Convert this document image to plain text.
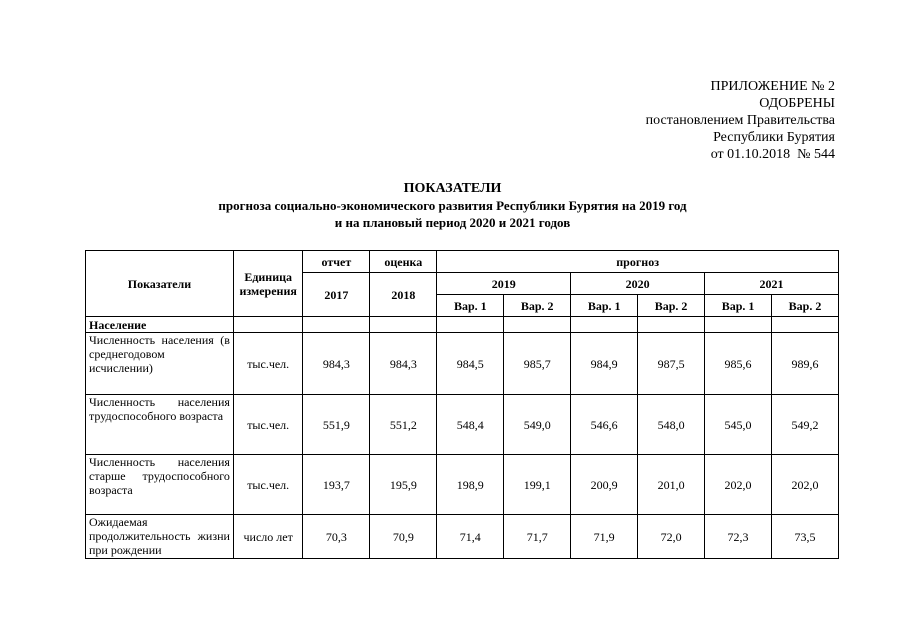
ПРИЛОЖЕНИЕ № 2
ОДОБРЕНЫ
постановлением Правительства
Республики Бурятия
от 01.10.2018  № 544
ПОКАЗАТЕЛИ
прогноза социально-экономического развития Республики Бурятия на 2019 год
и на плановый период 2020 и 2021 годов
Показатели	Единица измерения	отчет	оценка	прогноз					
		2017	2018	2019		2020		2021	
				Вар. 1	Вар. 2	Вар. 1	Вар. 2	Вар. 1	Вар. 2
Население									
Численность населения (в среднегодовом исчислении)	тыс.чел.	984,3	984,3	984,5	985,7	984,9	987,5	985,6	989,6
Численность населения трудоспособного возраста	тыс.чел.	551,9	551,2	548,4	549,0	546,6	548,0	545,0	549,2
Численность населения старше трудоспособного возраста	тыс.чел.	193,7	195,9	198,9	199,1	200,9	201,0	202,0	202,0
Ожидаемая продолжительность жизни при рождении	число лет	70,3	70,9	71,4	71,7	71,9	72,0	72,3	73,5
